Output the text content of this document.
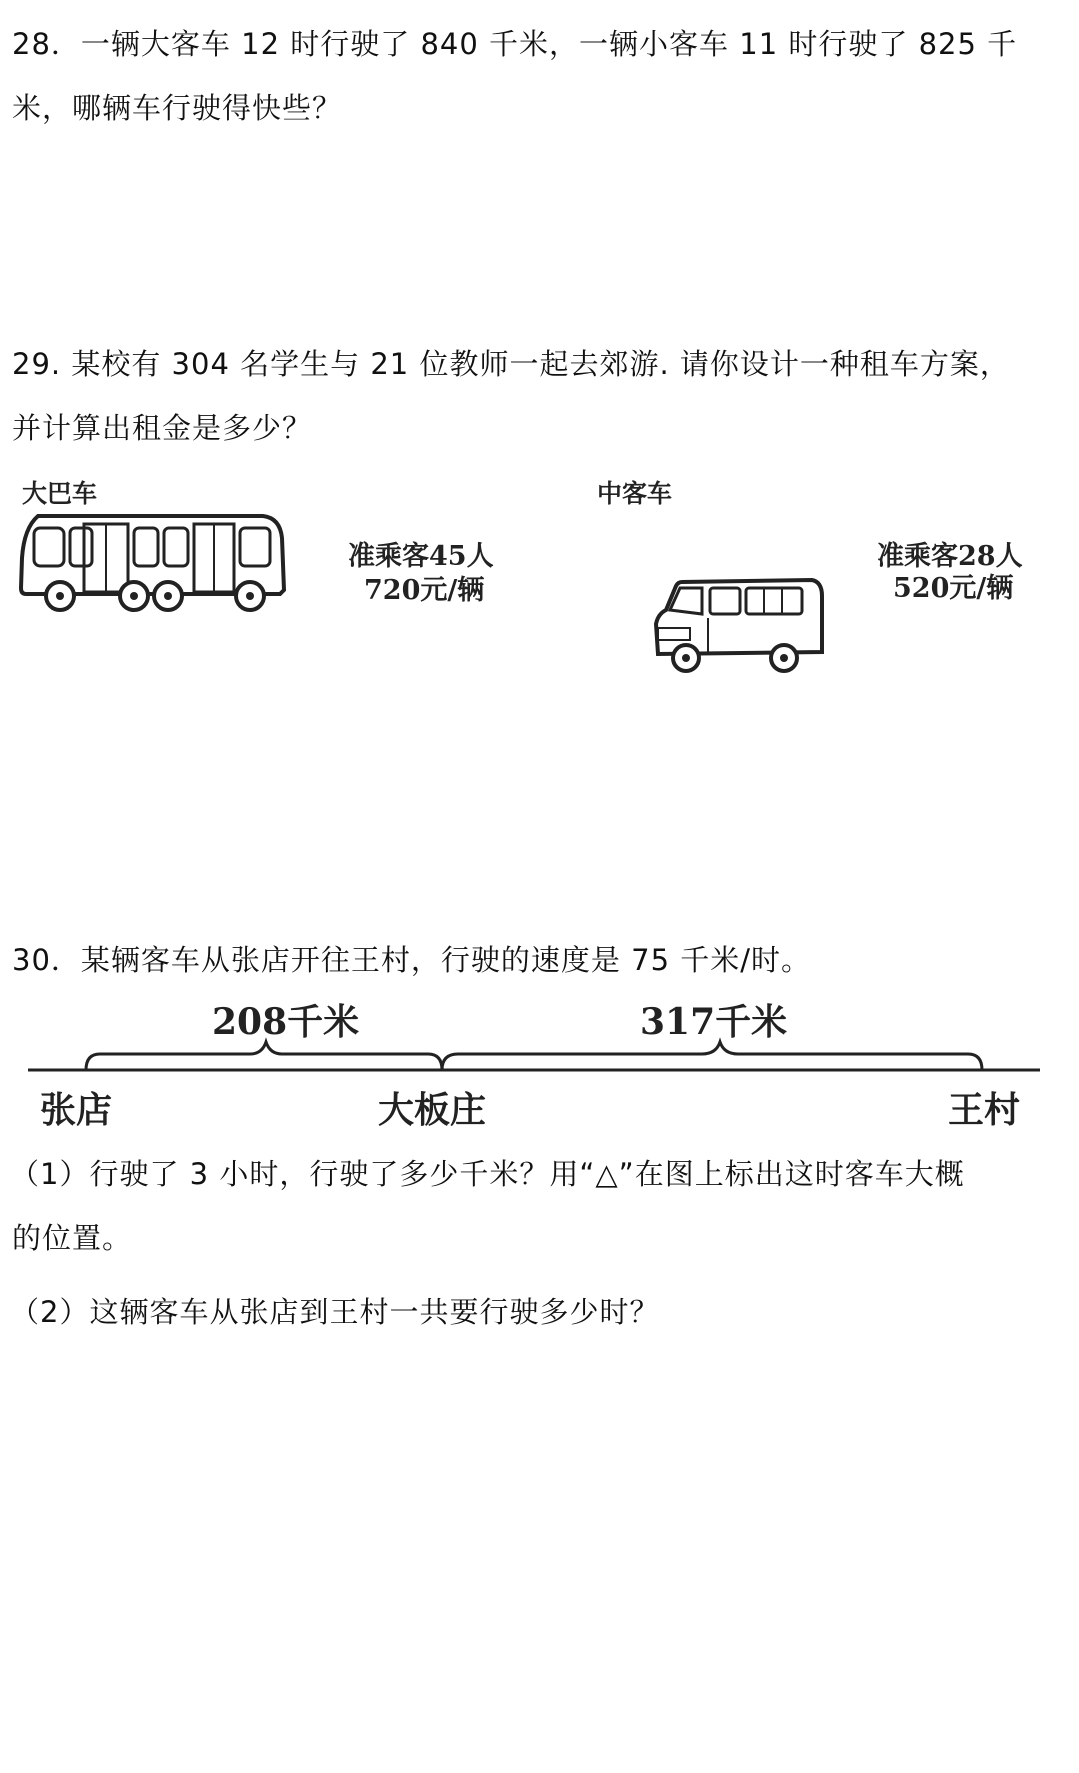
28．一辆大客车 12 时行驶了 840 千米，一辆小客车 11 时行驶了 825 千
米，哪辆车行驶得快些？
29. 某校有 304 名学生与 21 位教师一起去郊游. 请你设计一种租车方案，
并计算出租金是多少？
大巴车
准乘客45人
720元/辆
中客车
准乘客28人
520元/辆
30．某辆客车从张店开往王村，行驶的速度是 75 千米/时。
208千米	317千米
张店	大板庄	王村
（1）行驶了 3 小时，行驶了多少千米？用“△”在图上标出这时客车大概
的位置。
（2）这辆客车从张店到王村一共要行驶多少时？
